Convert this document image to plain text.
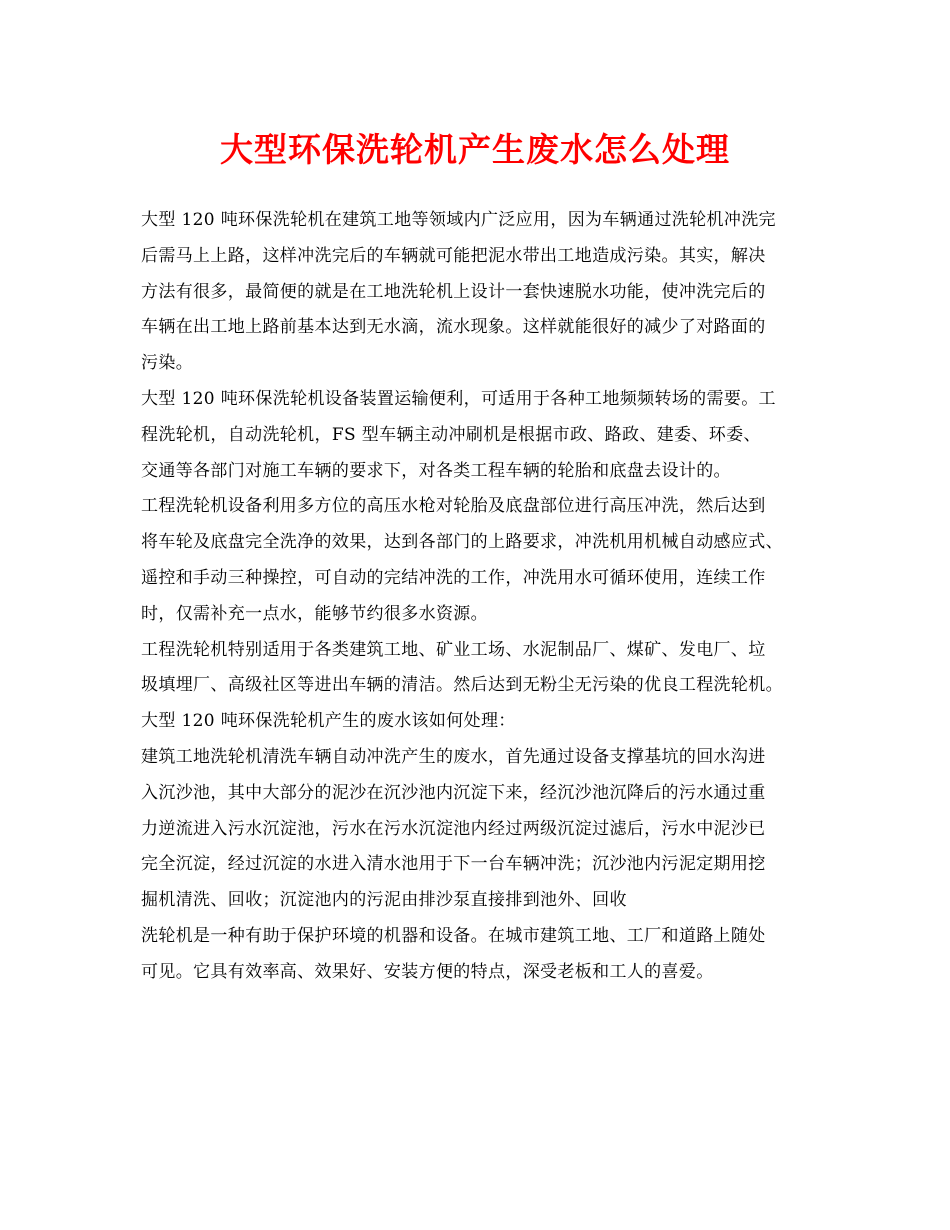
大型环保洗轮机产生废水怎么处理
大型 120 吨环保洗轮机在建筑工地等领域内广泛应用，因为车辆通过洗轮机冲洗完
后需马上上路，这样冲洗完后的车辆就可能把泥水带出工地造成污染。其实，解决
方法有很多，最简便的就是在工地洗轮机上设计一套快速脱水功能，使冲洗完后的
车辆在出工地上路前基本达到无水滴，流水现象。这样就能很好的减少了对路面的
污染。
大型 120 吨环保洗轮机设备装置运输便利，可适用于各种工地频频转场的需要。工
程洗轮机，自动洗轮机，FS 型车辆主动冲刷机是根据市政、路政、建委、环委、
交通等各部门对施工车辆的要求下，对各类工程车辆的轮胎和底盘去设计的。
工程洗轮机设备利用多方位的高压水枪对轮胎及底盘部位进行高压冲洗，然后达到
将车轮及底盘完全洗净的效果，达到各部门的上路要求，冲洗机用机械自动感应式、
遥控和手动三种操控，可自动的完结冲洗的工作，冲洗用水可循环使用，连续工作
时，仅需补充一点水，能够节约很多水资源。
工程洗轮机特别适用于各类建筑工地、矿业工场、水泥制品厂、煤矿、发电厂、垃
圾填埋厂、高级社区等进出车辆的清洁。然后达到无粉尘无污染的优良工程洗轮机。
大型 120 吨环保洗轮机产生的废水该如何处理：
建筑工地洗轮机清洗车辆自动冲洗产生的废水，首先通过设备支撑基坑的回水沟进
入沉沙池，其中大部分的泥沙在沉沙池内沉淀下来，经沉沙池沉降后的污水通过重
力逆流进入污水沉淀池，污水在污水沉淀池内经过两级沉淀过滤后，污水中泥沙已
完全沉淀，经过沉淀的水进入清水池用于下一台车辆冲洗；沉沙池内污泥定期用挖
掘机清洗、回收；沉淀池内的污泥由排沙泵直接排到池外、回收
洗轮机是一种有助于保护环境的机器和设备。在城市建筑工地、工厂和道路上随处
可见。它具有效率高、效果好、安装方便的特点，深受老板和工人的喜爱。
